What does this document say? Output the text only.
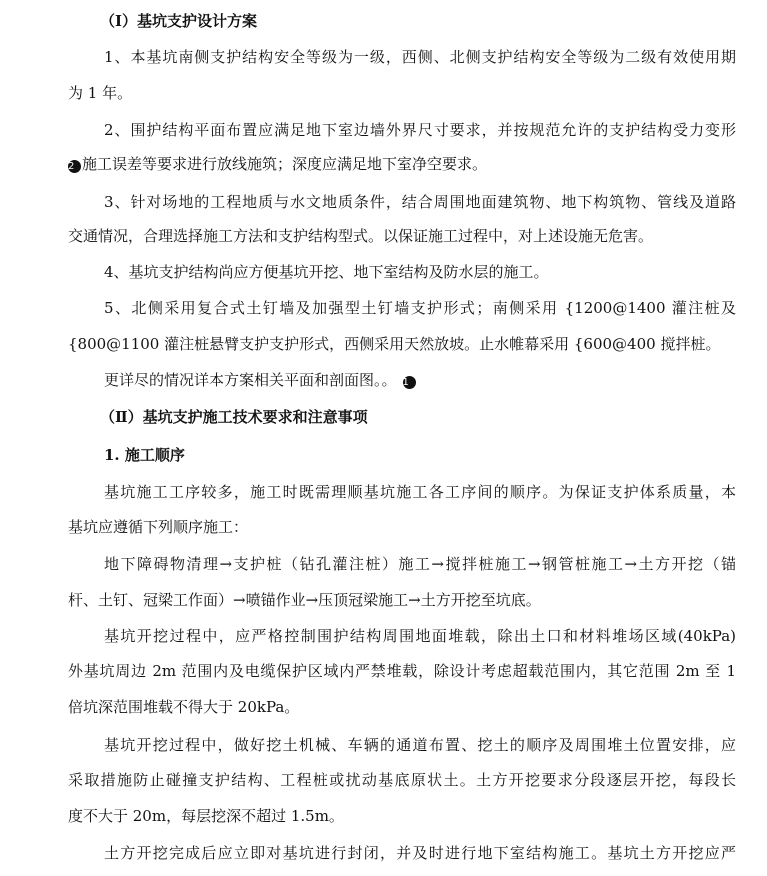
（Ⅰ）基坑支护设计方案
1、本基坑南侧支护结构安全等级为一级，西侧、北侧支护结构安全等级为二级有效使用期
为 1 年。
2、围护结构平面布置应满足地下室边墙外界尺寸要求，并按规范允许的支护结构受力变形
2 施工误差等要求进行放线施筑；深度应满足地下室净空要求。
3、针对场地的工程地质与水文地质条件，结合周围地面建筑物、地下构筑物、管线及道路
交通情况，合理选择施工方法和支护结构型式。以保证施工过程中，对上述设施无危害。
4、基坑支护结构尚应方便基坑开挖、地下室结构及防水层的施工。
5、北侧采用复合式土钉墙及加强型土钉墙支护形式；南侧采用 {1200@1400 灌注桩及
{800@1100 灌注桩悬臂支护支护形式，西侧采用天然放坡。止水帷幕采用 {600@400 搅拌桩。
更详尽的情况详本方案相关平面和剖面图。。 1
（Ⅱ）基坑支护施工技术要求和注意事项
1. 施工顺序
基坑施工工序较多，施工时既需理顺基坑施工各工序间的顺序。为保证支护体系质量，本
基坑应遵循下列顺序施工：
地下障碍物清理→支护桩（钻孔灌注桩）施工→搅拌桩施工→钢管桩施工→土方开挖（锚
杆、土钉、冠梁工作面）→喷锚作业→压顶冠梁施工→土方开挖至坑底。
基坑开挖过程中，应严格控制围护结构周围地面堆载，除出土口和材料堆场区域(40kPa)
外基坑周边 2m 范围内及电缆保护区域内严禁堆载，除设计考虑超载范围内，其它范围 2m 至 1
倍坑深范围堆载不得大于 20kPa。
基坑开挖过程中，做好挖土机械、车辆的通道布置、挖土的顺序及周围堆土位置安排，应
采取措施防止碰撞支护结构、工程桩或扰动基底原状土。土方开挖要求分段逐层开挖，每段长
度不大于 20m，每层挖深不超过 1.5m。
土方开挖完成后应立即对基坑进行封闭，并及时进行地下室结构施工。基坑土方开挖应严
